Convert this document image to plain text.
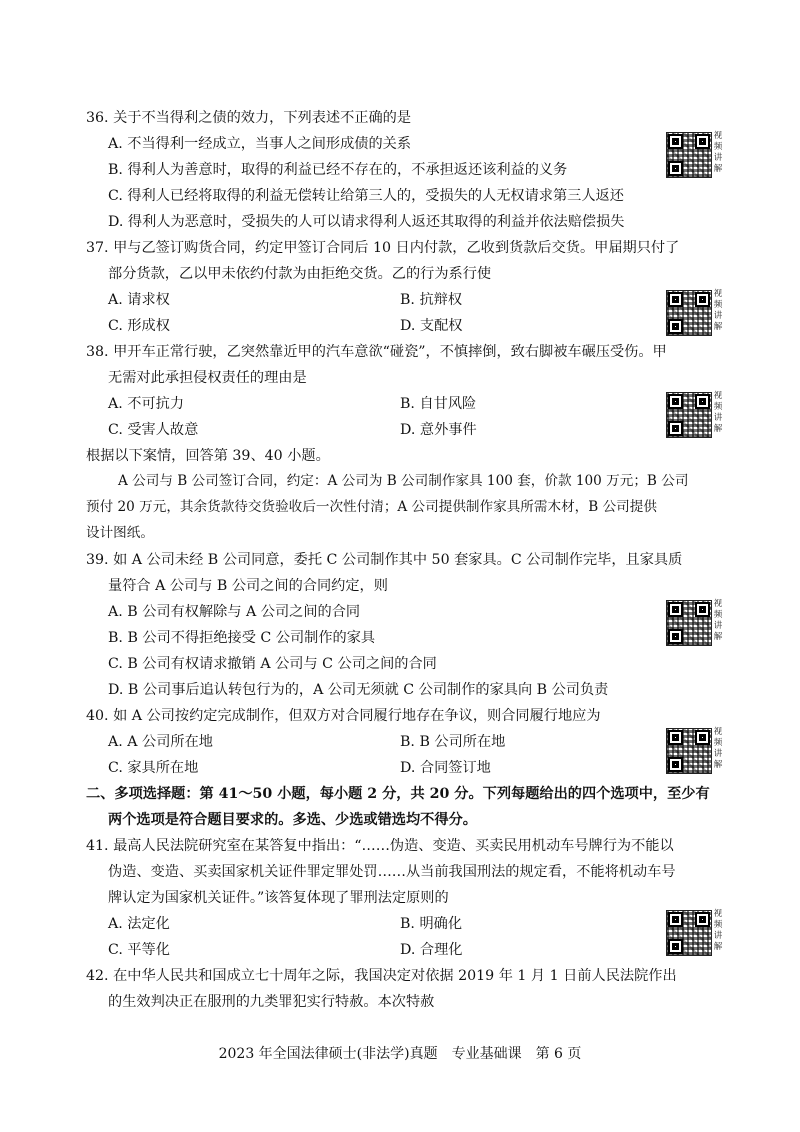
36. 关于不当得利之债的效力，下列表述不正确的是
A. 不当得利一经成立，当事人之间形成债的关系
B. 得利人为善意时，取得的利益已经不存在的，不承担返还该利益的义务
C. 得利人已经将取得的利益无偿转让给第三人的，受损失的人无权请求第三人返还
D. 得利人为恶意时，受损失的人可以请求得利人返还其取得的利益并依法赔偿损失
视频讲解
37. 甲与乙签订购货合同，约定甲签订合同后 10 日内付款，乙收到货款后交货。甲届期只付了
部分货款，乙以甲未依约付款为由拒绝交货。乙的行为系行使
A. 请求权	B. 抗辩权
C. 形成权	D. 支配权
视频讲解
38. 甲开车正常行驶，乙突然靠近甲的汽车意欲“碰瓷”，不慎摔倒，致右脚被车碾压受伤。甲
无需对此承担侵权责任的理由是
A. 不可抗力	B. 自甘风险
C. 受害人故意	D. 意外事件
视频讲解
根据以下案情，回答第 39、40 小题。
A 公司与 B 公司签订合同，约定：A 公司为 B 公司制作家具 100 套，价款 100 万元；B 公司
预付 20 万元，其余货款待交货验收后一次性付清；A 公司提供制作家具所需木材，B 公司提供
设计图纸。
39. 如 A 公司未经 B 公司同意，委托 C 公司制作其中 50 套家具。C 公司制作完毕，且家具质
量符合 A 公司与 B 公司之间的合同约定，则
A. B 公司有权解除与 A 公司之间的合同
B. B 公司不得拒绝接受 C 公司制作的家具
C. B 公司有权请求撤销 A 公司与 C 公司之间的合同
D. B 公司事后追认转包行为的，A 公司无须就 C 公司制作的家具向 B 公司负责
视频讲解
40. 如 A 公司按约定完成制作，但双方对合同履行地存在争议，则合同履行地应为
A. A 公司所在地	B. B 公司所在地
C. 家具所在地	D. 合同签订地
视频讲解
二、多项选择题：第 41～50 小题，每小题 2 分，共 20 分。下列每题给出的四个选项中，至少有
两个选项是符合题目要求的。多选、少选或错选均不得分。
41. 最高人民法院研究室在某答复中指出：“……伪造、变造、买卖民用机动车号牌行为不能以
伪造、变造、买卖国家机关证件罪定罪处罚……从当前我国刑法的规定看，不能将机动车号
牌认定为国家机关证件。”该答复体现了罪刑法定原则的
A. 法定化	B. 明确化
C. 平等化	D. 合理化
视频讲解
42. 在中华人民共和国成立七十周年之际，我国决定对依据 2019 年 1 月 1 日前人民法院作出
的生效判决正在服刑的九类罪犯实行特赦。本次特赦
2023 年全国法律硕士(非法学)真题　专业基础课　第 6 页
